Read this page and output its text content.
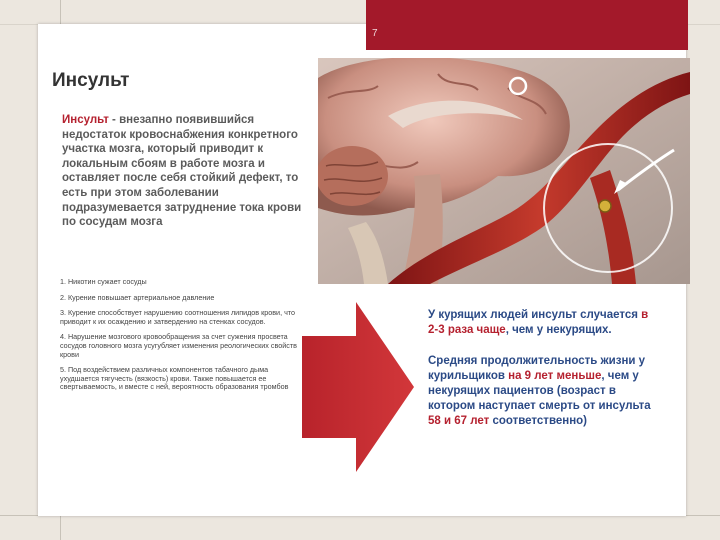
7
Инсульт
Инсульт - внезапно появившийся недостаток кровоснабжения конкретного участка мозга, который приводит к локальным сбоям в работе мозга и оставляет после себя стойкий дефект, то есть при этом заболевании подразумевается затруднение тока крови по сосудам мозга
1. Никотин сужает сосуды
2. Курение повышает артериальное давление
3. Курение способствует нарушению соотношения липидов крови, что приводит к их осаждению и затвердению на стенках сосудов.
4. Нарушение мозгового кровообращения за счет сужения просвета сосудов головного мозга усугубляет изменения реологических свойств крови
5. Под воздействием различных компонентов табачного дыма ухудшается тягучесть (вязкость) крови. Также повышается ее свертываемость, и вместе с ней, вероятность образования тромбов

У курящих людей инсульт случается в 2-3 раза чаще, чем у некурящих.

Средняя продолжительность жизни у курильщиков на 9 лет меньше, чем у некурящих пациентов (возраст в котором наступает смерть от инсульта 58 и 67 лет соответственно)
